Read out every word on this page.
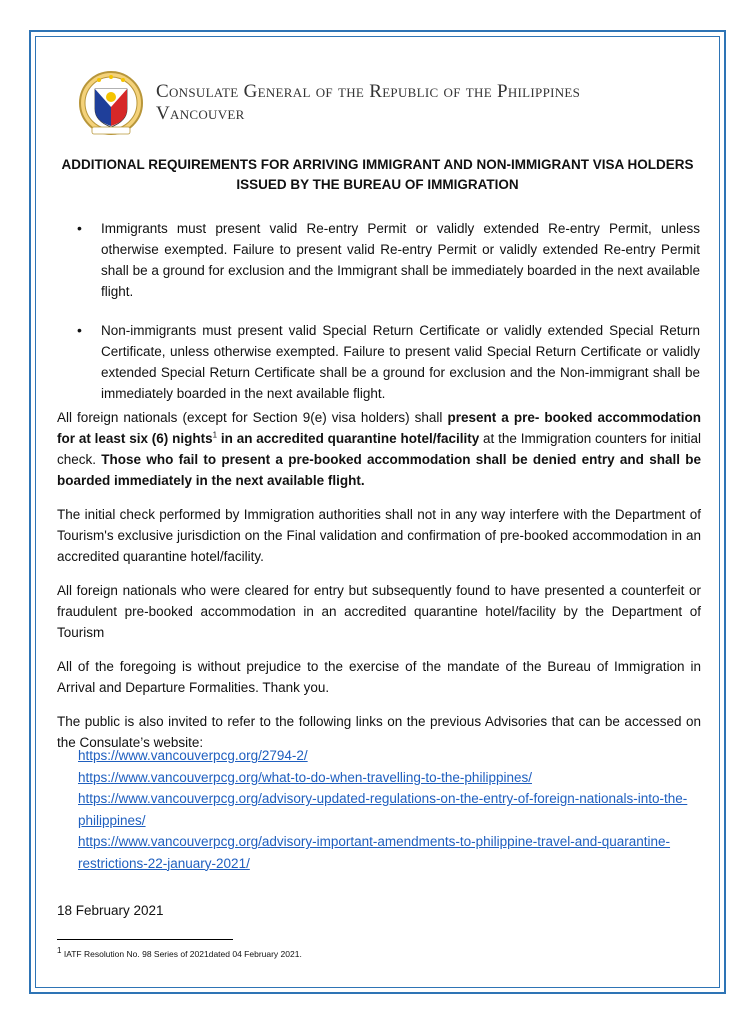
Consulate General of the Republic of the Philippines
Vancouver
ADDITIONAL REQUIREMENTS FOR ARRIVING IMMIGRANT AND NON-IMMIGRANT VISA HOLDERS
ISSUED BY THE BUREAU OF IMMIGRATION
• Immigrants must present valid Re-entry Permit or validly extended Re-entry Permit, unless otherwise exempted. Failure to present valid Re-entry Permit or validly extended Re-entry Permit shall be a ground for exclusion and the Immigrant shall be immediately boarded in the next available flight.
• Non-immigrants must present valid Special Return Certificate or validly extended Special Return Certificate, unless otherwise exempted. Failure to present valid Special Return Certificate or validly extended Special Return Certificate shall be a ground for exclusion and the Non-immigrant shall be immediately boarded in the next available flight.

All foreign nationals (except for Section 9(e) visa holders) shall present a pre- booked accommodation for at least six (6) nights$^1$ in an accredited quarantine hotel/facility at the Immigration counters for initial check. Those who fail to present a pre-booked accommodation shall be denied entry and shall be boarded immediately in the next available flight.

The initial check performed by Immigration authorities shall not in any way interfere with the Department of Tourism's exclusive jurisdiction on the Final validation and confirmation of pre-booked accommodation in an accredited quarantine hotel/facility.

All foreign nationals who were cleared for entry but subsequently found to have presented a counterfeit or fraudulent pre-booked accommodation in an accredited quarantine hotel/facility by the Department of Tourism

All of the foregoing is without prejudice to the exercise of the mandate of the Bureau of Immigration in Arrival and Departure Formalities. Thank you.

The public is also invited to refer to the following links on the previous Advisories that can be accessed on the Consulate’s website:

https://www.vancouverpcg.org/2794-2/
https://www.vancouverpcg.org/what-to-do-when-travelling-to-the-philippines/
https://www.vancouverpcg.org/advisory-updated-regulations-on-the-entry-of-foreign-nationals-into-the-philippines/
https://www.vancouverpcg.org/advisory-important-amendments-to-philippine-travel-and-quarantine-restrictions-22-january-2021/
18 February 2021
1 IATF Resolution No. 98 Series of 2021dated 04 February 2021.
